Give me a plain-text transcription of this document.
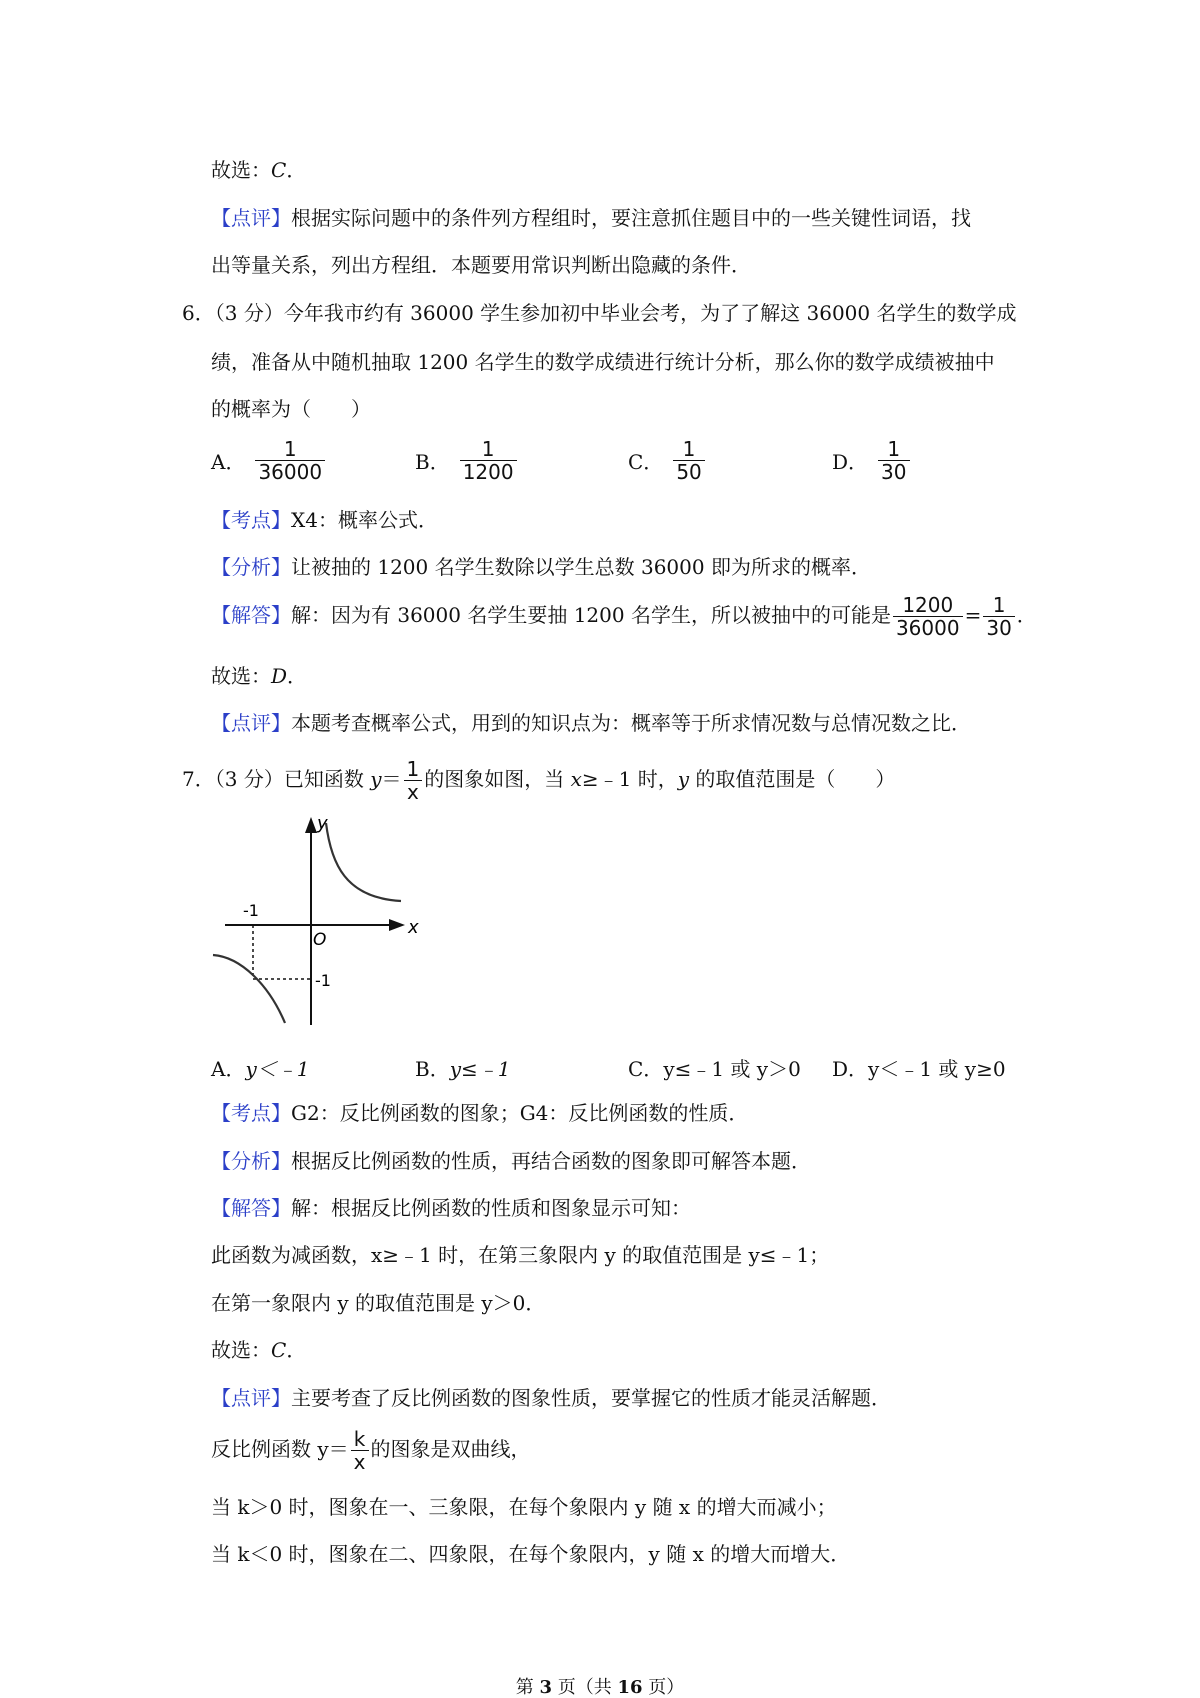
故选：C．
【点评】根据实际问题中的条件列方程组时，要注意抓住题目中的一些关键性词语，找
出等量关系，列出方程组．本题要用常识判断出隐藏的条件．
6．（3 分）今年我市约有 36000 学生参加初中毕业会考，为了了解这 36000 名学生的数学成
绩，准备从中随机抽取 1200 名学生的数学成绩进行统计分析，那么你的数学成绩被抽中
的概率为（　　）
A． $\frac{1}{36000}$	B． $\frac{1}{1200}$	C． $\frac{1}{50}$	D． $\frac{1}{30}$
【考点】X4：概率公式．
【分析】让被抽的 1200 名学生数除以学生总数 36000 即为所求的概率．
【解答】解：因为有 36000 名学生要抽 1200 名学生，所以被抽中的可能是 $\frac{1200}{36000} = \frac{1}{30}$ ．
故选：D．
【点评】本题考查概率公式，用到的知识点为：概率等于所求情况数与总情况数之比．
7．（3 分）已知函数 $y= \frac{1}{x}$ 的图象如图，当 x≥﹣1 时，y 的取值范围是（　　）
y
x
O
-1
-1
A．y＜﹣1	B．y≤﹣1	C．y≤﹣1 或 y＞0 D．y＜﹣1 或 y≥0
【考点】G2：反比例函数的图象；G4：反比例函数的性质．
【分析】根据反比例函数的性质，再结合函数的图象即可解答本题．
【解答】解：根据反比例函数的性质和图象显示可知：
此函数为减函数，x≥﹣1 时，在第三象限内 y 的取值范围是 y≤﹣1；
在第一象限内 y 的取值范围是 y＞0．
故选：C．
【点评】主要考查了反比例函数的图象性质，要掌握它的性质才能灵活解题．
反比例函数 $y= \frac{k}{x}$ 的图象是双曲线，
当 k＞0 时，图象在一、三象限，在每个象限内 y 随 x 的增大而减小；
当 k＜0 时，图象在二、四象限，在每个象限内，y 随 x 的增大而增大．
第 3 页（共 16 页）
